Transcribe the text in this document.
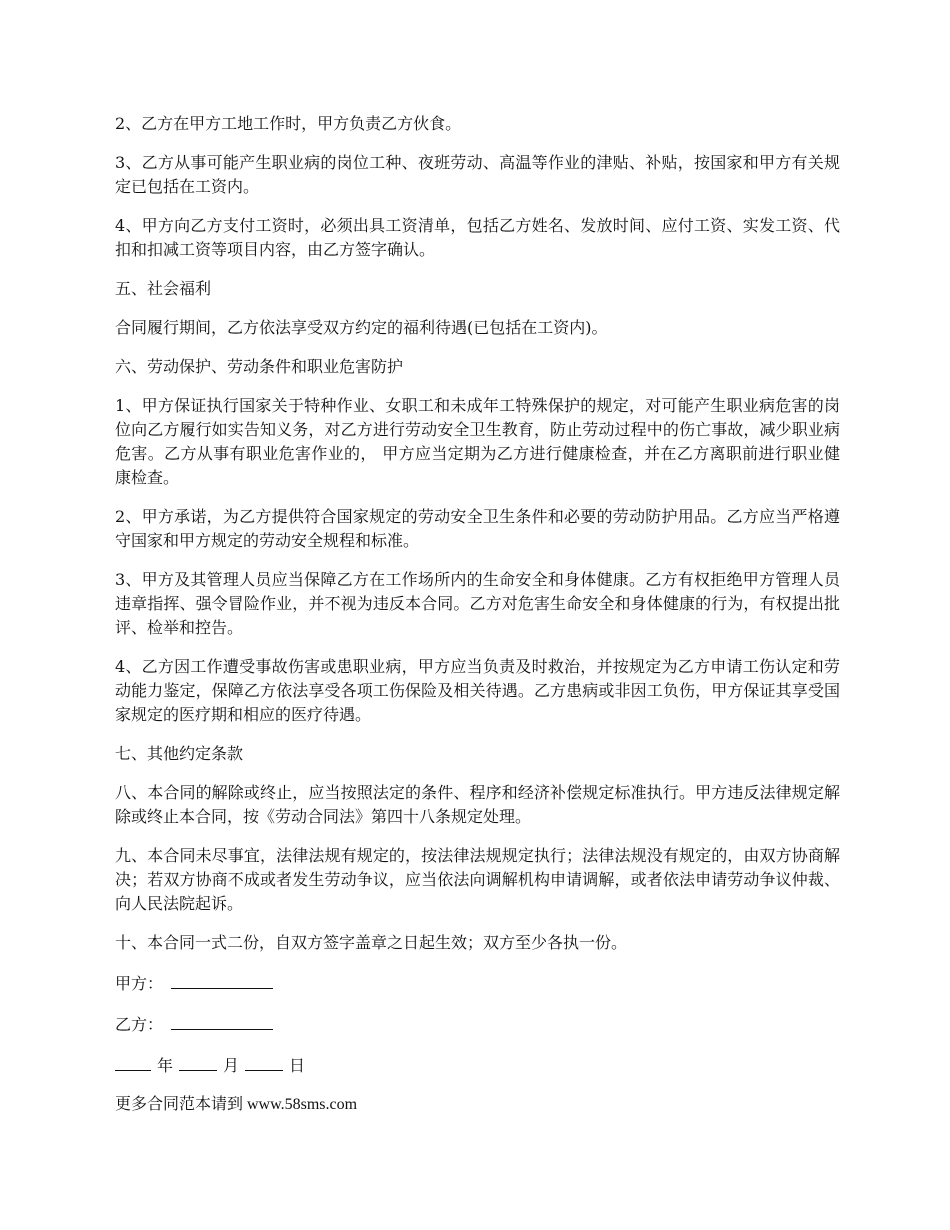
2、乙方在甲方工地工作时，甲方负责乙方伙食。

3、乙方从事可能产生职业病的岗位工种、夜班劳动、高温等作业的津贴、补贴，按国家和甲方有关规定已包括在工资内。

4、甲方向乙方支付工资时，必须出具工资清单，包括乙方姓名、发放时间、应付工资、实发工资、代扣和扣减工资等项目内容，由乙方签字确认。

五、社会福利

合同履行期间，乙方依法享受双方约定的福利待遇(已包括在工资内)。

六、劳动保护、劳动条件和职业危害防护

1、甲方保证执行国家关于特种作业、女职工和未成年工特殊保护的规定，对可能产生职业病危害的岗位向乙方履行如实告知义务，对乙方进行劳动安全卫生教育，防止劳动过程中的伤亡事故，减少职业病危害。乙方从事有职业危害作业的， 甲方应当定期为乙方进行健康检查，并在乙方离职前进行职业健康检查。

2、甲方承诺，为乙方提供符合国家规定的劳动安全卫生条件和必要的劳动防护用品。乙方应当严格遵守国家和甲方规定的劳动安全规程和标准。

3、甲方及其管理人员应当保障乙方在工作场所内的生命安全和身体健康。乙方有权拒绝甲方管理人员违章指挥、强令冒险作业，并不视为违反本合同。乙方对危害生命安全和身体健康的行为，有权提出批评、检举和控告。

4、乙方因工作遭受事故伤害或患职业病，甲方应当负责及时救治，并按规定为乙方申请工伤认定和劳动能力鉴定，保障乙方依法享受各项工伤保险及相关待遇。乙方患病或非因工负伤，甲方保证其享受国家规定的医疗期和相应的医疗待遇。

七、其他约定条款

八、本合同的解除或终止，应当按照法定的条件、程序和经济补偿规定标准执行。甲方违反法律规定解除或终止本合同，按《劳动合同法》第四十八条规定处理。

九、本合同未尽事宜，法律法规有规定的，按法律法规规定执行；法律法规没有规定的，由双方协商解决；若双方协商不成或者发生劳动争议，应当依法向调解机构申请调解，或者依法申请劳动争议仲裁、向人民法院起诉。

十、本合同一式二份，自双方签字盖章之日起生效；双方至少各执一份。

甲方：

乙方：

年	月	日

更多合同范本请到 www.58sms.com
